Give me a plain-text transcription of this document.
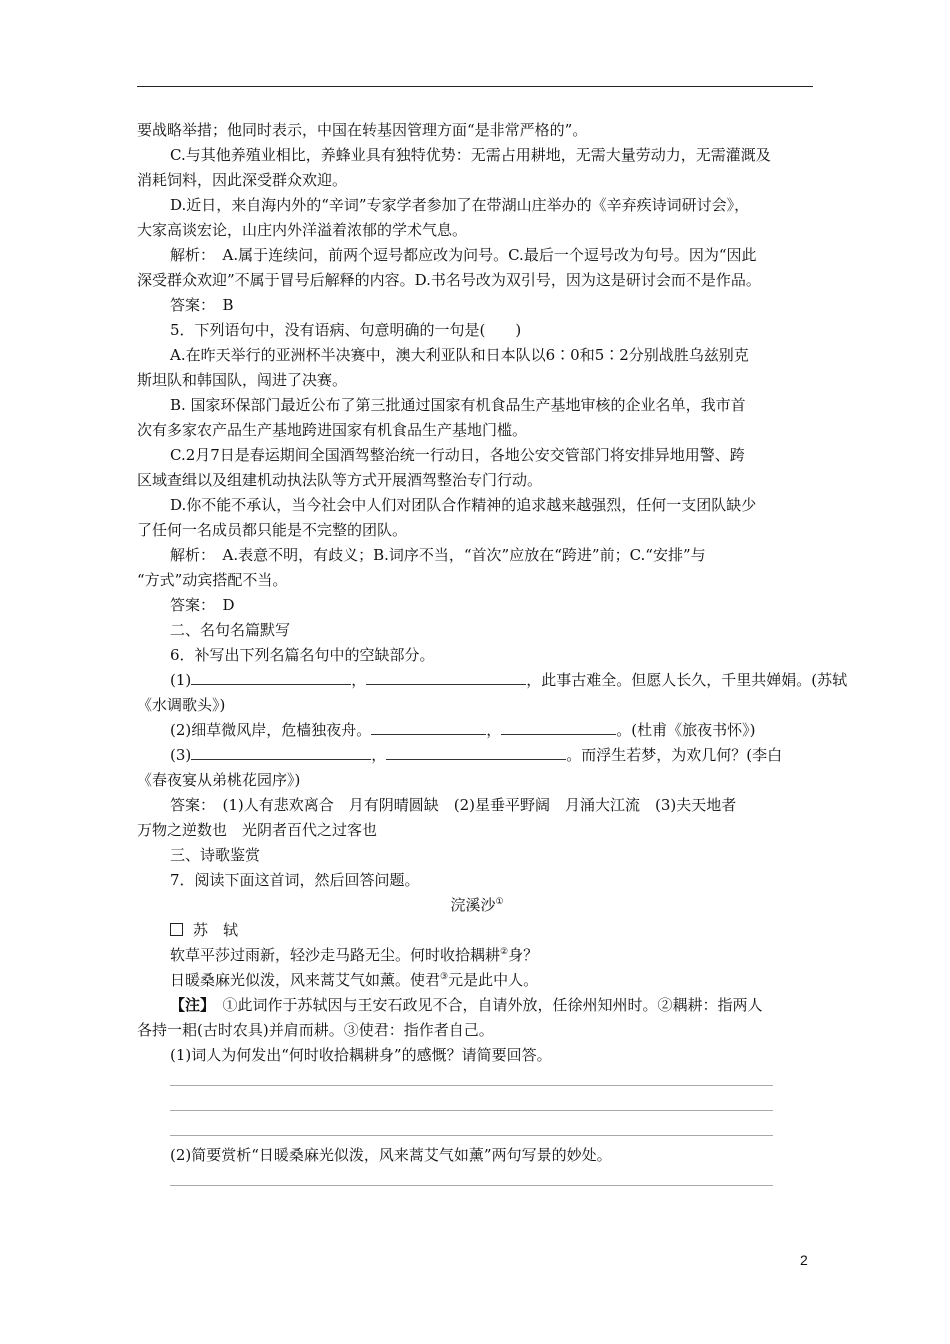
要战略举措；他同时表示，中国在转基因管理方面“是非常严格的”。
C.与其他养殖业相比，养蜂业具有独特优势：无需占用耕地，无需大量劳动力，无需灌溉及
消耗饲料，因此深受群众欢迎。
D.近日，来自海内外的“辛词”专家学者参加了在带湖山庄举办的《辛弃疾诗词研讨会》，
大家高谈宏论，山庄内外洋溢着浓郁的学术气息。
解析：　A.属于连续问，前两个逗号都应改为问号。C.最后一个逗号改为句号。因为“因此
深受群众欢迎”不属于冒号后解释的内容。D.书名号改为双引号，因为这是研讨会而不是作品。
答案：　B
5．下列语句中，没有语病、句意明确的一句是(　　)
A.在昨天举行的亚洲杯半决赛中，澳大利亚队和日本队以6∶0和5∶2分别战胜乌兹别克
斯坦队和韩国队，闯进了决赛。
B. 国家环保部门最近公布了第三批通过国家有机食品生产基地审核的企业名单，我市首
次有多家农产品生产基地跨进国家有机食品生产基地门槛。
C.2月7日是春运期间全国酒驾整治统一行动日，各地公安交管部门将安排异地用警、跨
区域查缉以及组建机动执法队等方式开展酒驾整治专门行动。
D.你不能不承认，当今社会中人们对团队合作精神的追求越来越强烈，任何一支团队缺少
了任何一名成员都只能是不完整的团队。
解析：　A.表意不明，有歧义；B.词序不当，“首次”应放在“跨进”前；C.“安排”与
“方式”动宾搭配不当。
答案：　D
二、名句名篇默写
6．补写出下列名篇名句中的空缺部分。
(1)	，	，此事古难全。但愿人长久，千里共婵娟。(苏轼
《水调歌头》)
(2)细草微风岸，危樯独夜舟。	，	。(杜甫《旅夜书怀》)
(3)	，	。而浮生若梦，为欢几何？(李白
《春夜宴从弟桃花园序》)
答案：　(1)人有悲欢离合　月有阴晴圆缺　(2)星垂平野阔　月涌大江流　(3)夫天地者
万物之逆数也　光阴者百代之过客也
三、诗歌鉴赏
7．阅读下面这首词，然后回答问题。
浣溪沙①
苏　轼
软草平莎过雨新，轻沙走马路无尘。何时收拾耦耕②身？
日暖桑麻光似泼，风来蒿艾气如薰。使君③元是此中人。
【注】　①此词作于苏轼因与王安石政见不合，自请外放，任徐州知州时。②耦耕：指两人
各持一耜(古时农具)并肩而耕。③使君：指作者自己。
(1)词人为何发出“何时收拾耦耕身”的感慨？请简要回答。
(2)简要赏析“日暖桑麻光似泼，风来蒿艾气如薰”两句写景的妙处。
2
